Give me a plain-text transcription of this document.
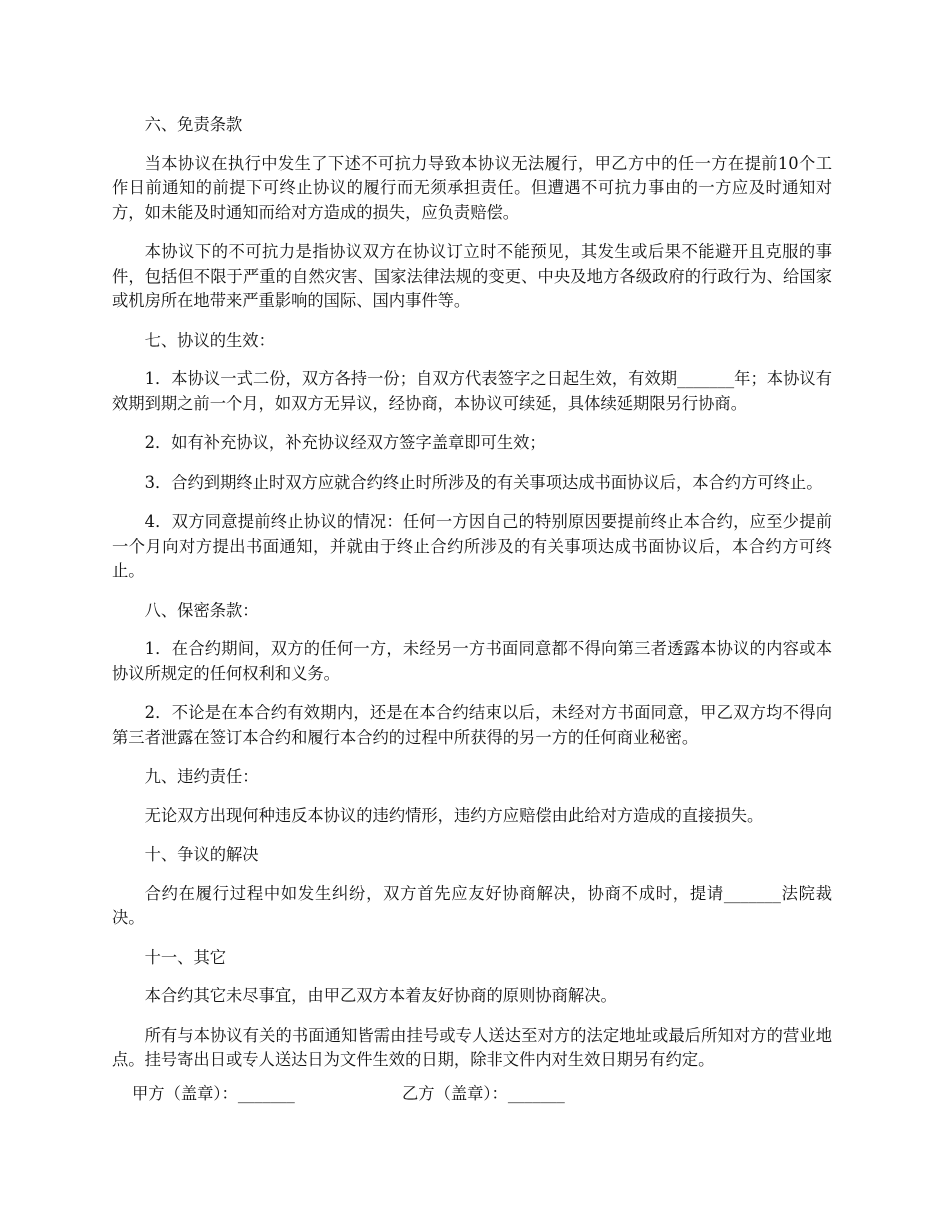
六、免责条款

当本协议在执行中发生了下述不可抗力导致本协议无法履行，甲乙方中的任一方在提前10个工作日前通知的前提下可终止协议的履行而无须承担责任。但遭遇不可抗力事由的一方应及时通知对方，如未能及时通知而给对方造成的损失，应负责赔偿。

本协议下的不可抗力是指协议双方在协议订立时不能预见，其发生或后果不能避开且克服的事件，包括但不限于严重的自然灾害、国家法律法规的变更、中央及地方各级政府的行政行为、给国家或机房所在地带来严重影响的国际、国内事件等。

七、协议的生效：

1．本协议一式二份，双方各持一份；自双方代表签字之日起生效，有效期_______年；本协议有效期到期之前一个月，如双方无异议，经协商，本协议可续延，具体续延期限另行协商。

2．如有补充协议，补充协议经双方签字盖章即可生效；

3．合约到期终止时双方应就合约终止时所涉及的有关事项达成书面协议后，本合约方可终止。

4．双方同意提前终止协议的情况：任何一方因自己的特别原因要提前终止本合约，应至少提前一个月向对方提出书面通知，并就由于终止合约所涉及的有关事项达成书面协议后，本合约方可终止。

八、保密条款：

1．在合约期间，双方的任何一方，未经另一方书面同意都不得向第三者透露本协议的内容或本协议所规定的任何权利和义务。

2．不论是在本合约有效期内，还是在本合约结束以后，未经对方书面同意，甲乙双方均不得向第三者泄露在签订本合约和履行本合约的过程中所获得的另一方的任何商业秘密。

九、违约责任：

无论双方出现何种违反本协议的违约情形，违约方应赔偿由此给对方造成的直接损失。

十、争议的解决

合约在履行过程中如发生纠纷，双方首先应友好协商解决，协商不成时，提请_______法院裁决。

十一、其它

本合约其它未尽事宜，由甲乙双方本着友好协商的原则协商解决。

所有与本协议有关的书面通知皆需由挂号或专人送达至对方的法定地址或最后所知对方的营业地点。挂号寄出日或专人送达日为文件生效的日期，除非文件内对生效日期另有约定。

甲方（盖章）：_______

	乙方（盖章）：_______
